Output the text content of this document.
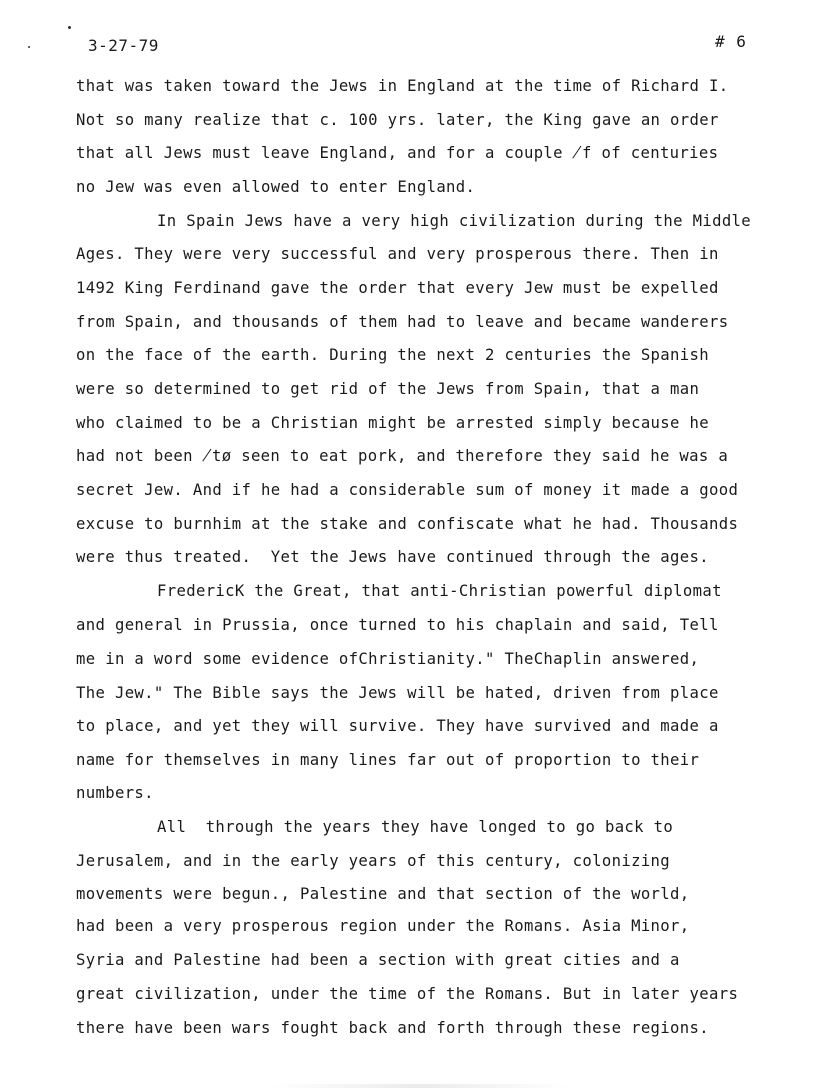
3-27-79	# 6
that was taken toward the Jews in England at the time of Richard I.
Not so many realize that c. 100 yrs. later, the King gave an order
that all Jews must leave England, and for a couple ̸f of centuries
no Jew was even allowed to enter England.
In Spain Jews have a very high civilization during the Middle
Ages. They were very successful and very prosperous there. Then in
1492 King Ferdinand gave the order that every Jew must be expelled
from Spain, and thousands of them had to leave and became wanderers
on the face of the earth. During the next 2 centuries the Spanish
were so determined to get rid of the Jews from Spain, that a man
who claimed to be a Christian might be arrested simply because he
had not been ̸tø seen to eat pork, and therefore they said he was a
secret Jew. And if he had a considerable sum of money it made a good
excuse to burnhim at the stake and confiscate what he had. Thousands
were thus treated.  Yet the Jews have continued through the ages.
FredericK the Great, that anti-Christian powerful diplomat
and general in Prussia, once turned to his chaplain and said, Tell
me in a word some evidence ofChristianity." TheChaplin answered,
The Jew." The Bible says the Jews will be hated, driven from place
to place, and yet they will survive. They have survived and made a
name for themselves in many lines far out of proportion to their
numbers.
All  through the years they have longed to go back to
Jerusalem, and in the early years of this century, colonizing
movements were begun., Palestine and that section of the world,
had been a very prosperous region under the Romans. Asia Minor,
Syria and Palestine had been a section with great cities and a
great civilization, under the time of the Romans. But in later years
there have been wars fought back and forth through these regions.
